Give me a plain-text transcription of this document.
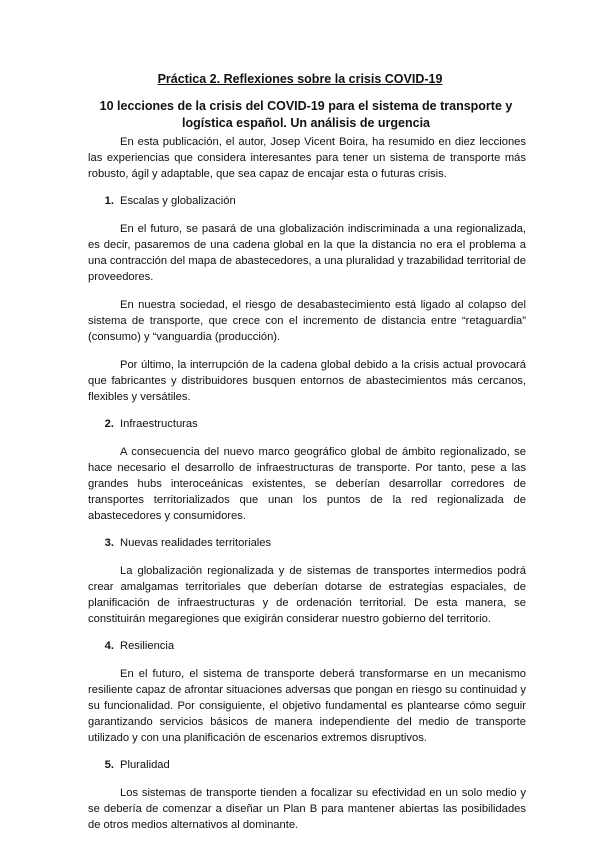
Práctica 2. Reflexiones sobre la crisis COVID-19
10 lecciones de la crisis del COVID-19 para el sistema de transporte y logística español. Un análisis de urgencia

En esta publicación, el autor, Josep Vicent Boira, ha resumido en diez lecciones las experiencias que considera interesantes para tener un sistema de transporte más robusto, ágil y adaptable, que sea capaz de encajar esta o futuras crisis.

1. Escalas y globalización

En el futuro, se pasará de una globalización indiscriminada a una regionalizada, es decir, pasaremos de una cadena global en la que la distancia no era el problema a una contracción del mapa de abastecedores, a una pluralidad y trazabilidad territorial de proveedores.

En nuestra sociedad, el riesgo de desabastecimiento está ligado al colapso del sistema de transporte, que crece con el incremento de distancia entre “retaguardia” (consumo) y “vanguardia (producción).

Por último, la interrupción de la cadena global debido a la crisis actual provocará que fabricantes y distribuidores busquen entornos de abastecimientos más cercanos, flexibles y versátiles.

2. Infraestructuras

A consecuencia del nuevo marco geográfico global de ámbito regionalizado, se hace necesario el desarrollo de infraestructuras de transporte. Por tanto, pese a las grandes hubs interoceánicas existentes, se deberían desarrollar corredores de transportes territorializados que unan los puntos de la red regionalizada de abastecedores y consumidores.

3. Nuevas realidades territoriales

La globalización regionalizada y de sistemas de transportes intermedios podrá crear amalgamas territoriales que deberían dotarse de estrategias espaciales, de planificación de infraestructuras y de ordenación territorial. De esta manera, se constituirán megaregiones que exigirán considerar nuestro gobierno del territorio.

4. Resiliencia

En el futuro, el sistema de transporte deberá transformarse en un mecanismo resiliente capaz de afrontar situaciones adversas que pongan en riesgo su continuidad y su funcionalidad. Por consiguiente, el objetivo fundamental es plantearse cómo seguir garantizando servicios básicos de manera independiente del medio de transporte utilizado y con una planificación de escenarios extremos disruptivos.

5. Pluralidad

Los sistemas de transporte tienden a focalizar su efectividad en un solo medio y se debería de comenzar a diseñar un Plan B para mantener abiertas las posibilidades de otros medios alternativos al dominante.
